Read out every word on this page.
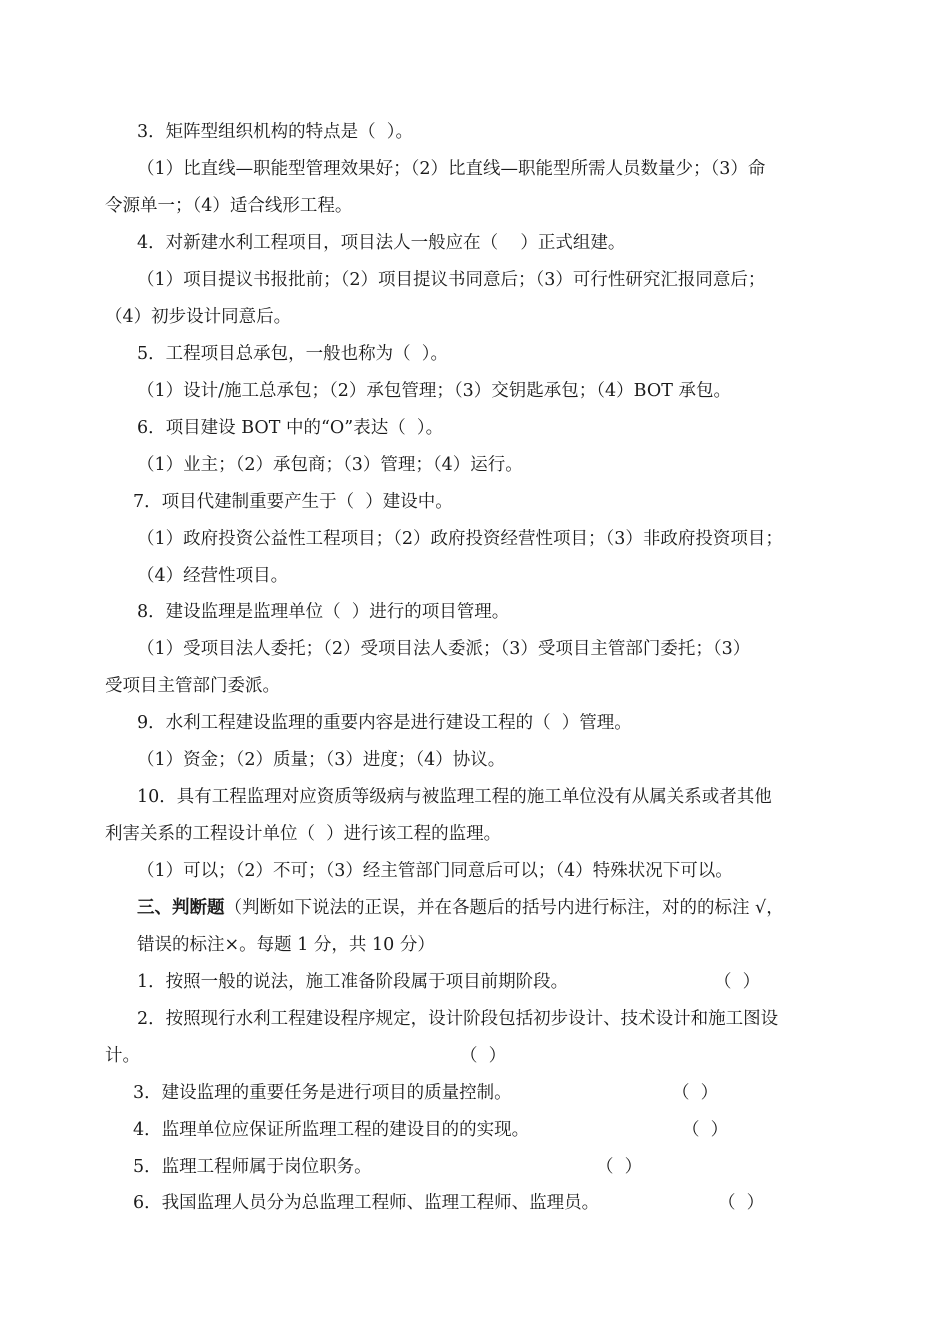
3．矩阵型组织机构的特点是（  ）。
（1）比直线—职能型管理效果好；（2）比直线—职能型所需人员数量少；（3）命
令源单一；（4）适合线形工程。
4．对新建水利工程项目，项目法人一般应在（    ）正式组建。
（1）项目提议书报批前；（2）项目提议书同意后；（3）可行性研究汇报同意后；
（4）初步设计同意后。
5．工程项目总承包，一般也称为（  ）。
（1）设计/施工总承包；（2）承包管理；（3）交钥匙承包；（4）BOT 承包。
6．项目建设 BOT 中的“O”表达（  ）。
（1）业主；（2）承包商；（3）管理；（4）运行。
7．项目代建制重要产生于（  ）建设中。
（1）政府投资公益性工程项目；（2）政府投资经营性项目；（3）非政府投资项目；
（4）经营性项目。
8．建设监理是监理单位（  ）进行的项目管理。
（1）受项目法人委托；（2）受项目法人委派；（3）受项目主管部门委托；（3）
受项目主管部门委派。
9．水利工程建设监理的重要内容是进行建设工程的（  ）管理。
（1）资金；（2）质量；（3）进度；（4）协议。
10．具有工程监理对应资质等级病与被监理工程的施工单位没有从属关系或者其他
利害关系的工程设计单位（  ）进行该工程的监理。
（1）可以；（2）不可；（3）经主管部门同意后可以；（4）特殊状况下可以。
三、判断题（判断如下说法的正误，并在各题后的括号内进行标注，对的的标注 √，
错误的标注×。每题 1 分，共 10 分）
1．按照一般的说法，施工准备阶段属于项目前期阶段。	（  ）
2．按照现行水利工程建设程序规定，设计阶段包括初步设计、技术设计和施工图设
计。	（  ）
3．建设监理的重要任务是进行项目的质量控制。	（  ）
4．监理单位应保证所监理工程的建设目的的实现。	（  ）
5．监理工程师属于岗位职务。	（  ）
6．我国监理人员分为总监理工程师、监理工程师、监理员。	（  ）
